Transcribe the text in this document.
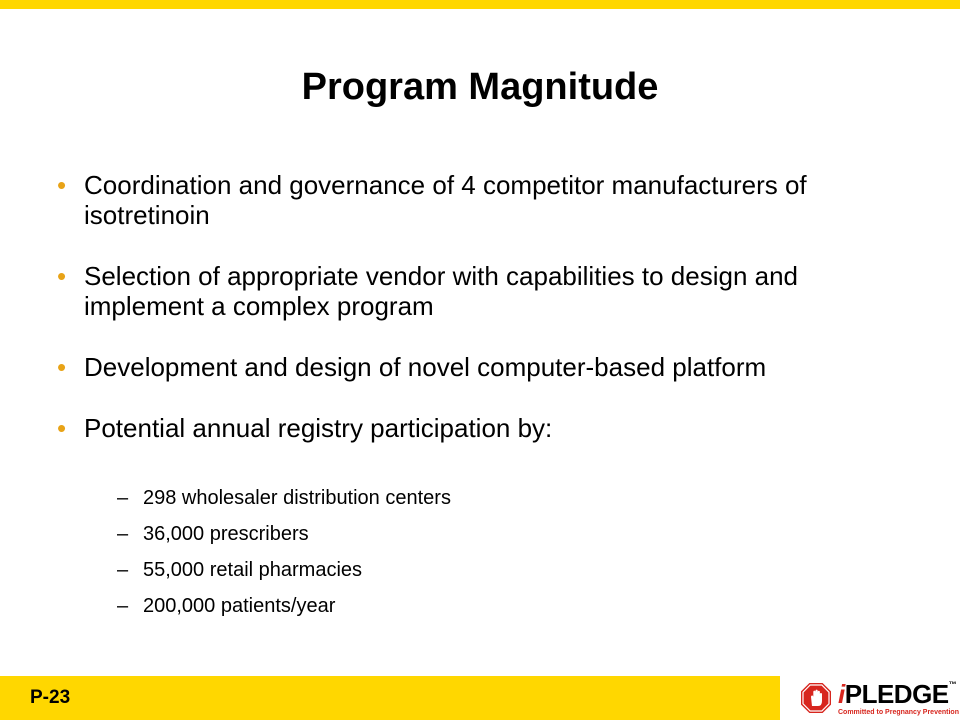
Program Magnitude
• Coordination and governance of 4 competitor manufacturers of isotretinoin
• Selection of appropriate vendor with capabilities to design and implement a complex program
• Development and design of novel computer-based platform
• Potential annual registry participation by:
– 298 wholesaler distribution centers
– 36,000 prescribers
– 55,000 retail pharmacies
– 200,000 patients/year
P-23	iPLEDGE™
Committed to Pregnancy Prevention
